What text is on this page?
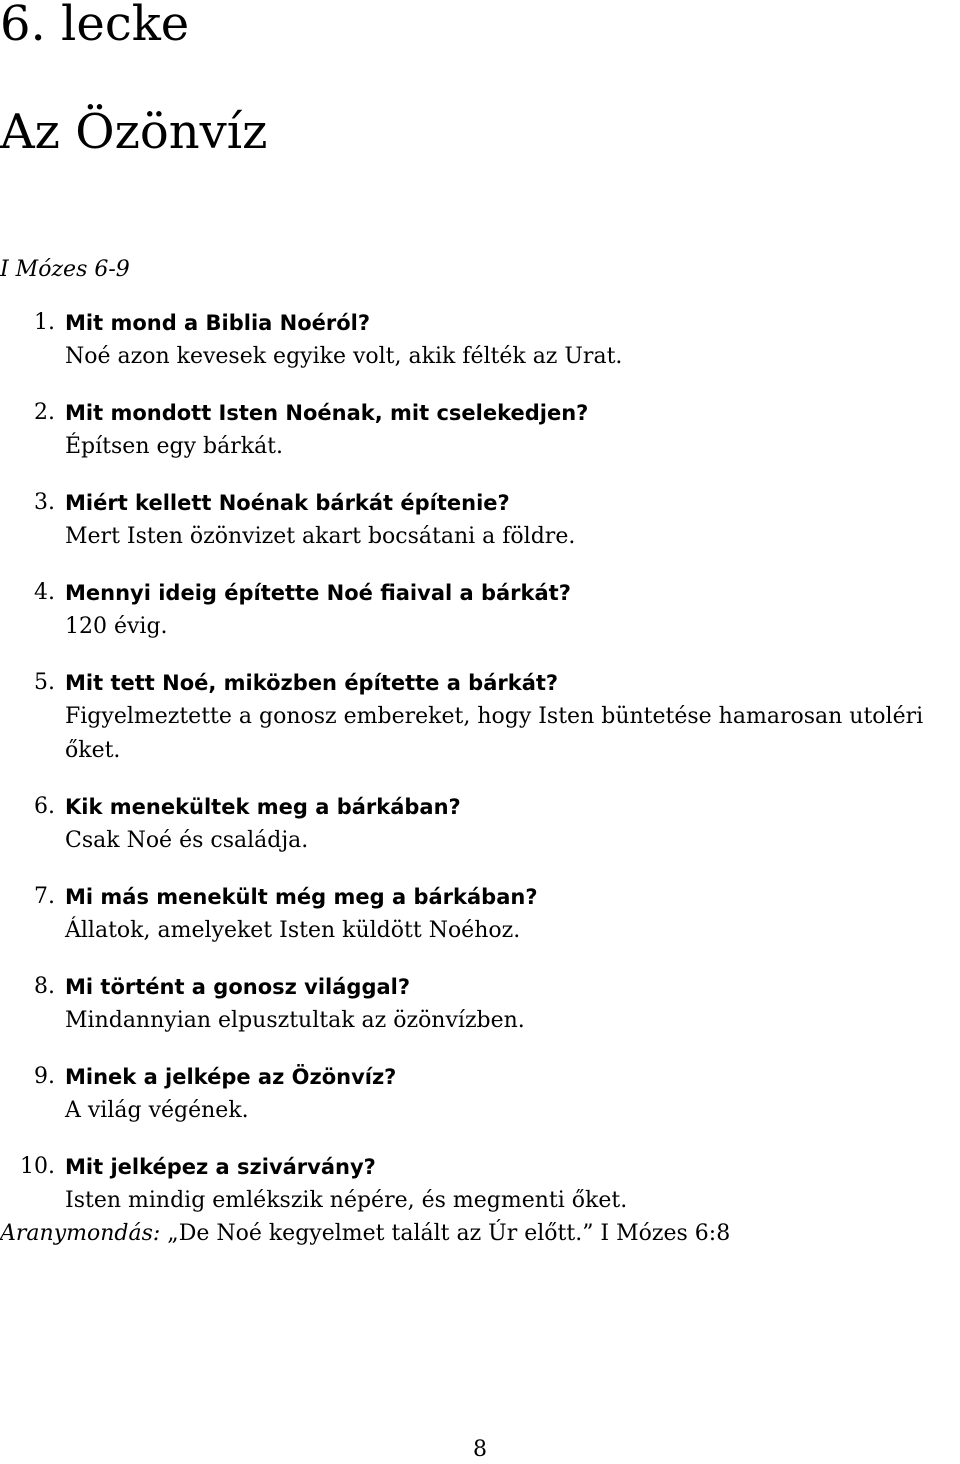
6. lecke
Az Özönvíz
I Mózes 6-9
1. Mit mond a Biblia Noéról?
Noé azon kevesek egyike volt, akik félték az Urat.
2. Mit mondott Isten Noénak, mit cselekedjen?
Építsen egy bárkát.
3. Miért kellett Noénak bárkát építenie?
Mert Isten özönvizet akart bocsátani a földre.
4. Mennyi ideig építette Noé fiaival a bárkát?
120 évig.
5. Mit tett Noé, miközben építette a bárkát?
Figyelmeztette a gonosz embereket, hogy Isten büntetése hamarosan utoléri őket.
6. Kik menekültek meg a bárkában?
Csak Noé és családja.
7. Mi más menekült még meg a bárkában?
Állatok, amelyeket Isten küldött Noéhoz.
8. Mi történt a gonosz világgal?
Mindannyian elpusztultak az özönvízben.
9. Minek a jelképe az Özönvíz?
A világ végének.
10. Mit jelképez a szivárvány?
Isten mindig emlékszik népére, és megmenti őket.
Aranymondás: „De Noé kegyelmet talált az Úr előtt.” I Mózes 6:8
8
